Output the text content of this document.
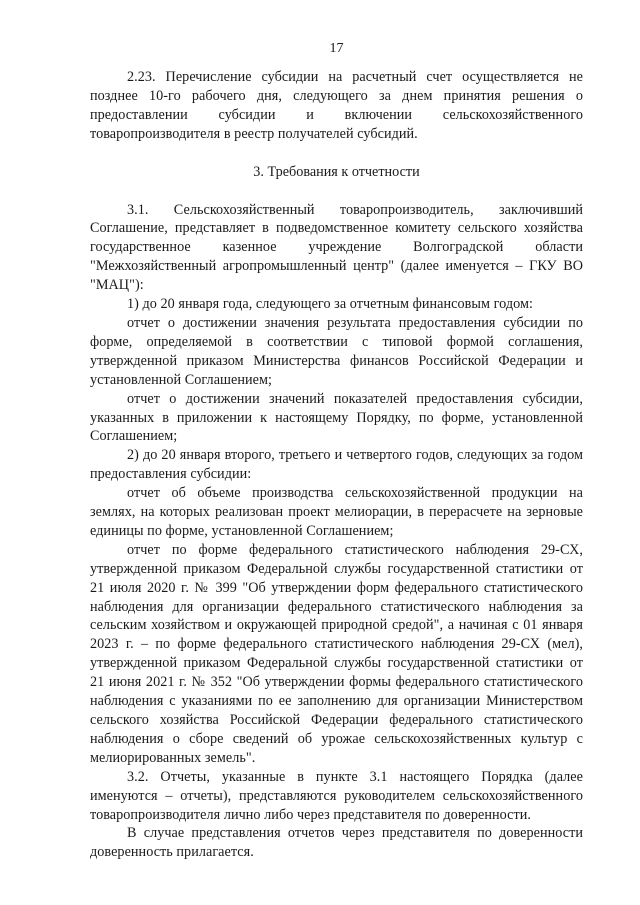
17

2.23. Перечисление субсидии на расчетный счет осуществляется не позднее 10-го рабочего дня, следующего за днем принятия решения о предоставлении субсидии и включении сельскохозяйственного товаропроизводителя в реестр получателей субсидий.

3. Требования к отчетности

3.1. Сельскохозяйственный товаропроизводитель, заключивший Соглашение, представляет в подведомственное комитету сельского хозяйства государственное казенное учреждение Волгоградской области "Межхозяйственный агропромышленный центр" (далее именуется – ГКУ ВО "МАЦ"):

1) до 20 января года, следующего за отчетным финансовым годом:

отчет о достижении значения результата предоставления субсидии по форме, определяемой в соответствии с типовой формой соглашения, утвержденной приказом Министерства финансов Российской Федерации и установленной Соглашением;

отчет о достижении значений показателей предоставления субсидии, указанных в приложении к настоящему Порядку, по форме, установленной Соглашением;

2) до 20 января второго, третьего и четвертого годов, следующих за годом предоставления субсидии:

отчет об объеме производства сельскохозяйственной продукции на землях, на которых реализован проект мелиорации, в перерасчете на зерновые единицы по форме, установленной Соглашением;

отчет по форме федерального статистического наблюдения 29-СХ, утвержденной приказом Федеральной службы государственной статистики от 21 июля 2020 г. № 399 "Об утверждении форм федерального статистического наблюдения для организации федерального статистического наблюдения за сельским хозяйством и окружающей природной средой", а начиная с 01 января 2023 г. – по форме федерального статистического наблюдения 29-СХ (мел), утвержденной приказом Федеральной службы государственной статистики от 21 июня 2021 г. № 352 "Об утверждении формы федерального статистического наблюдения с указаниями по ее заполнению для организации Министерством сельского хозяйства Российской Федерации федерального статистического наблюдения о сборе сведений об урожае сельскохозяйственных культур с мелиорированных земель".

3.2. Отчеты, указанные в пункте 3.1 настоящего Порядка (далее именуются – отчеты), представляются руководителем сельскохозяйственного товаропроизводителя лично либо через представителя по доверенности.

В случае представления отчетов через представителя по доверенности доверенность прилагается.
